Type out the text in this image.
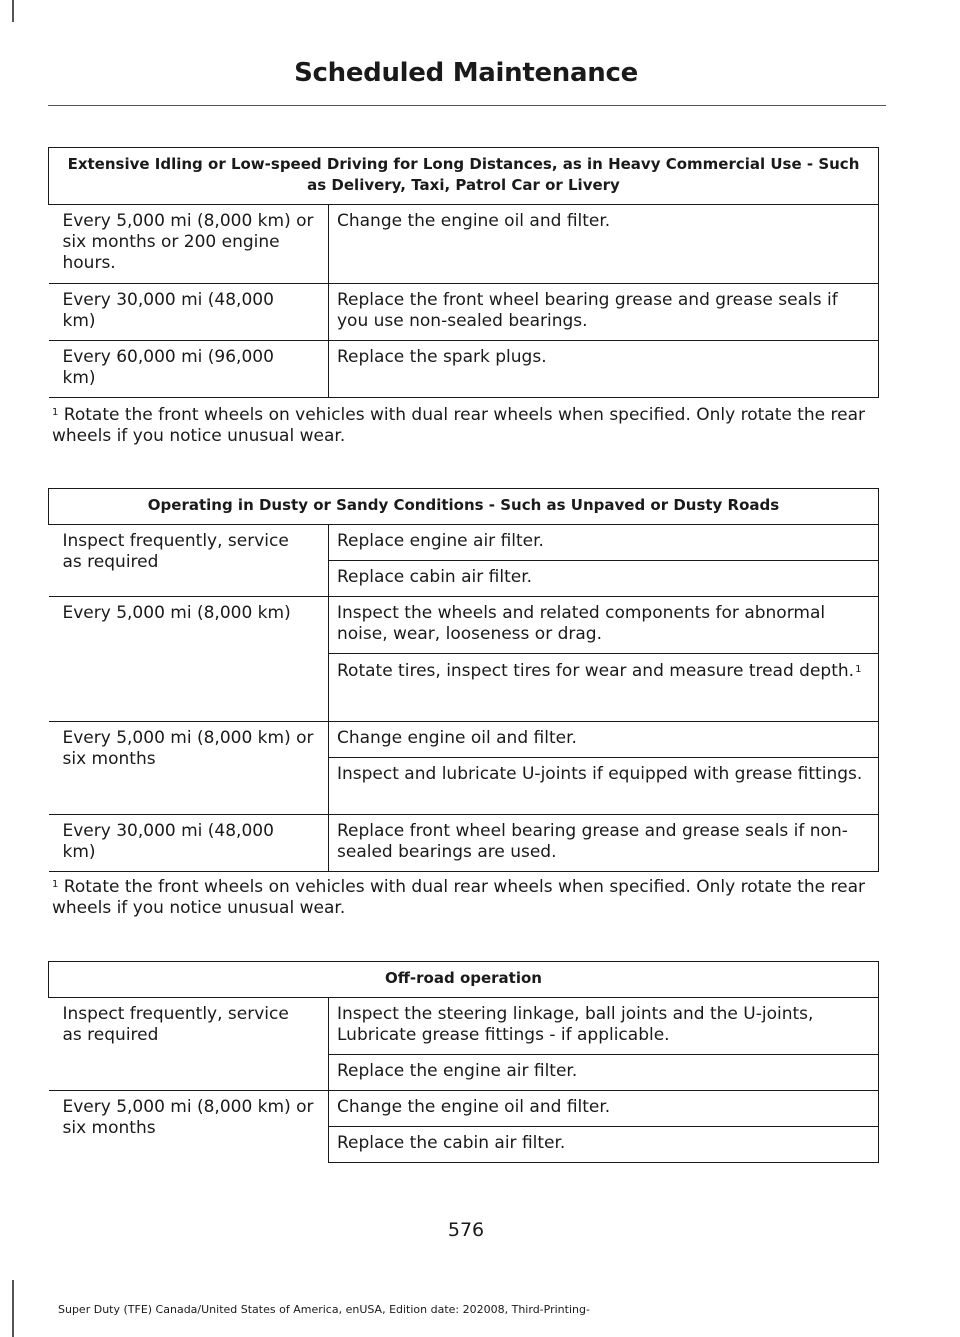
Scheduled Maintenance
Extensive Idling or Low-speed Driving for Long Distances, as in Heavy Commercial Use - Such as Delivery, Taxi, Patrol Car or Livery	
Every 5,000 mi (8,000 km) or six months or 200 engine hours.	Change the engine oil and filter.
Every 30,000 mi (48,000 km)	Replace the front wheel bearing grease and grease seals if you use non-sealed bearings.
Every 60,000 mi (96,000 km)	Replace the spark plugs.
$^1$ Rotate the front wheels on vehicles with dual rear wheels when specified. Only rotate the rear wheels if you notice unusual wear.
Operating in Dusty or Sandy Conditions - Such as Unpaved or Dusty Roads	
Inspect frequently, service as required	Replace engine air filter.
	Replace cabin air filter.
Every 5,000 mi (8,000 km)	Inspect the wheels and related components for abnormal noise, wear, looseness or drag.
	Rotate tires, inspect tires for wear and measure tread depth.$^1$
Every 5,000 mi (8,000 km) or six months	Change engine oil and filter.
	Inspect and lubricate U-joints if equipped with grease fittings.
Every 30,000 mi (48,000 km)	Replace front wheel bearing grease and grease seals if non-sealed bearings are used.
$^1$ Rotate the front wheels on vehicles with dual rear wheels when specified. Only rotate the rear wheels if you notice unusual wear.
Off-road operation	
Inspect frequently, service as required	Inspect the steering linkage, ball joints and the U-joints, Lubricate grease fittings - if applicable.
	Replace the engine air filter.
Every 5,000 mi (8,000 km) or six months	Change the engine oil and filter.
	Replace the cabin air filter.
576
Super Duty (TFE) Canada/United States of America, enUSA, Edition date: 202008, Third-Printing-
